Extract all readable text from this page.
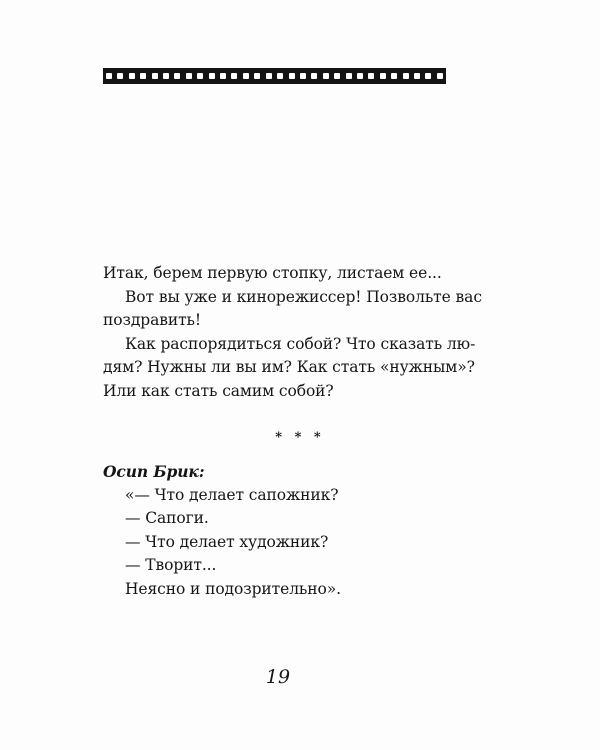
Итак, берем первую стопку, листаем ее...
Вот вы уже и кинорежиссер! Позвольте вас
поздравить!
Как распорядиться собой? Что сказать лю-
дям? Нужны ли вы им? Как стать «нужным»?
Или как стать самим собой?
* * *
Осип Брик:
«— Что делает сапожник?
— Сапоги.
— Что делает художник?
— Творит...
Неясно и подозрительно».
19
